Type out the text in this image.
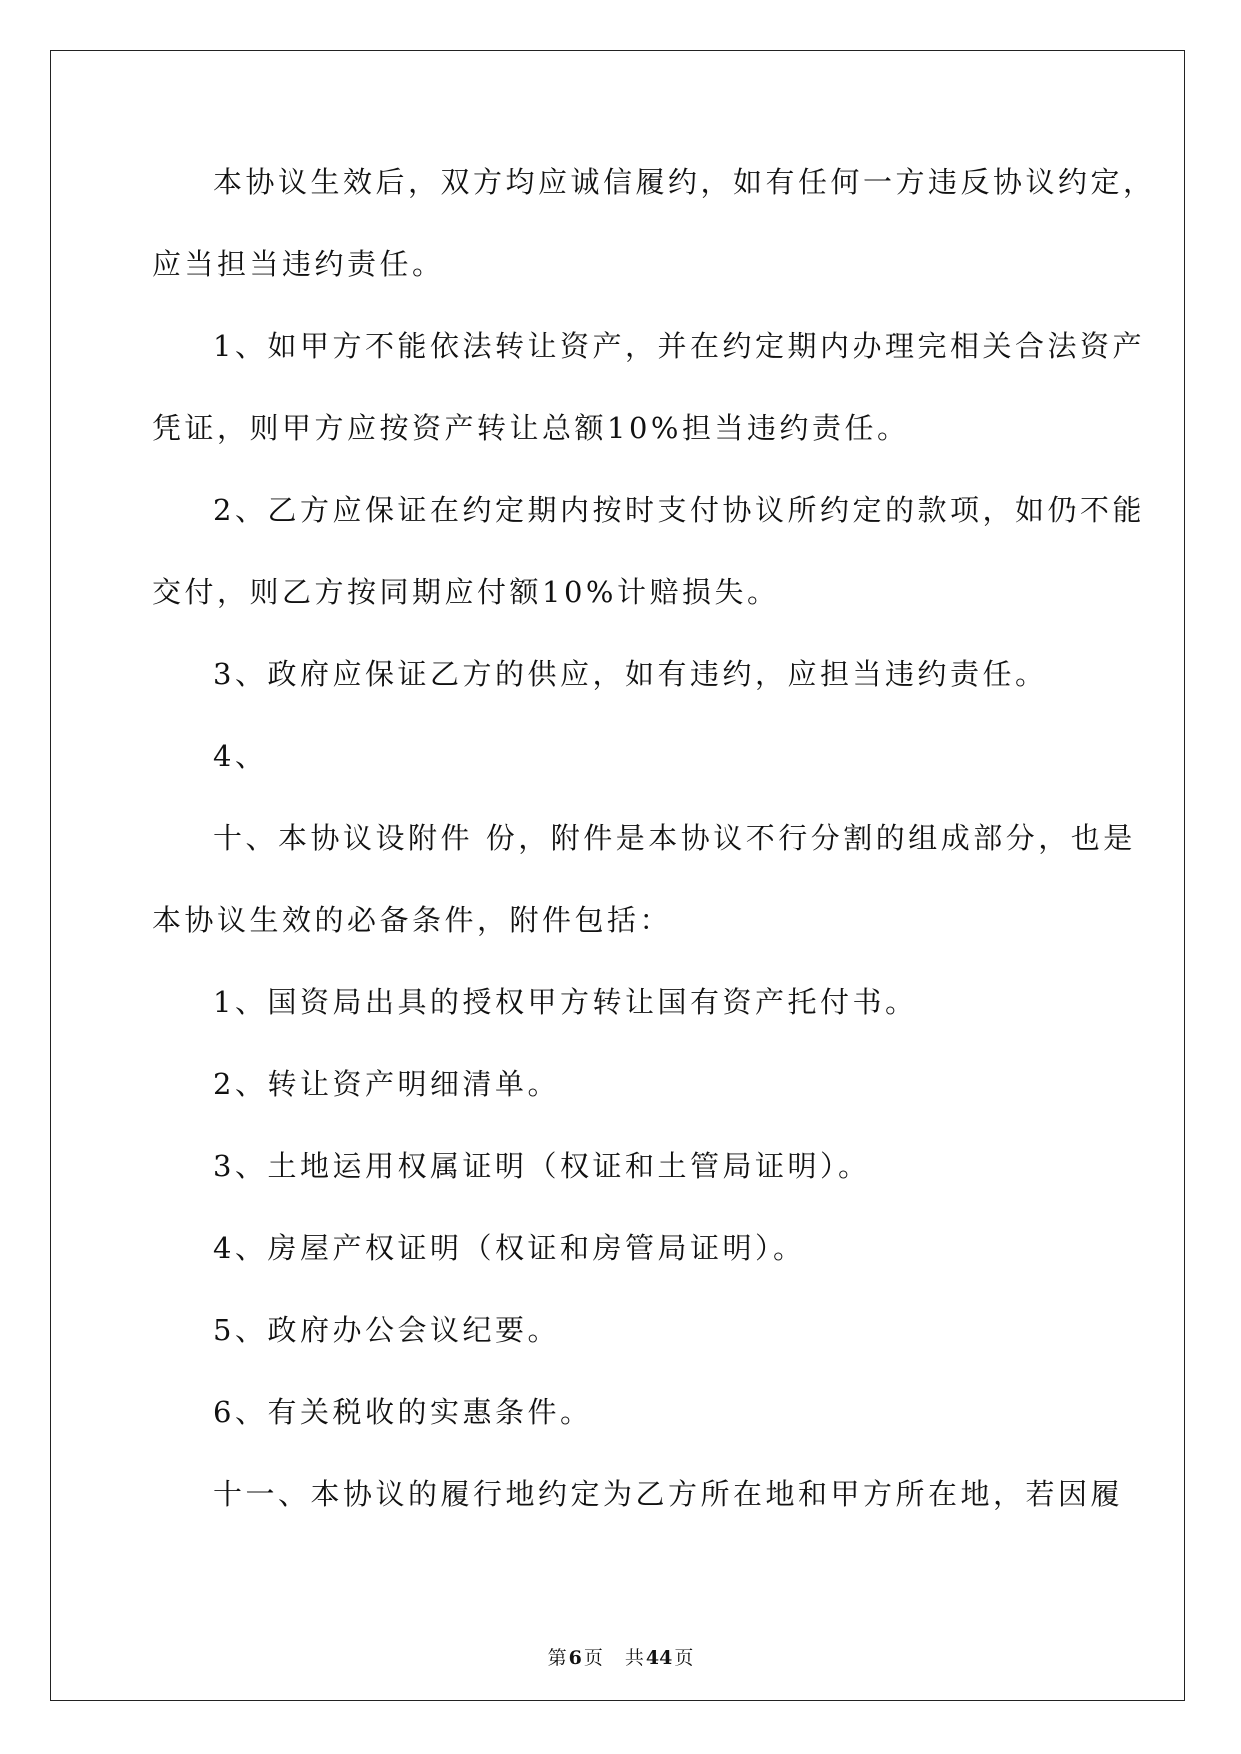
本协议生效后，双方均应诚信履约，如有任何一方违反协议约定，

应当担当违约责任。

1、如甲方不能依法转让资产，并在约定期内办理完相关合法资产

凭证，则甲方应按资产转让总额10%担当违约责任。

2、乙方应保证在约定期内按时支付协议所约定的款项，如仍不能

交付，则乙方按同期应付额10%计赔损失。

3、政府应保证乙方的供应，如有违约，应担当违约责任。

4、

十、本协议设附件 份，附件是本协议不行分割的组成部分，也是

本协议生效的必备条件，附件包括：

1、国资局出具的授权甲方转让国有资产托付书。

2、转让资产明细清单。

3、土地运用权属证明（权证和土管局证明）。

4、房屋产权证明（权证和房管局证明）。

5、政府办公会议纪要。

6、有关税收的实惠条件。

十一、本协议的履行地约定为乙方所在地和甲方所在地，若因履

第 6 页 共 44 页
